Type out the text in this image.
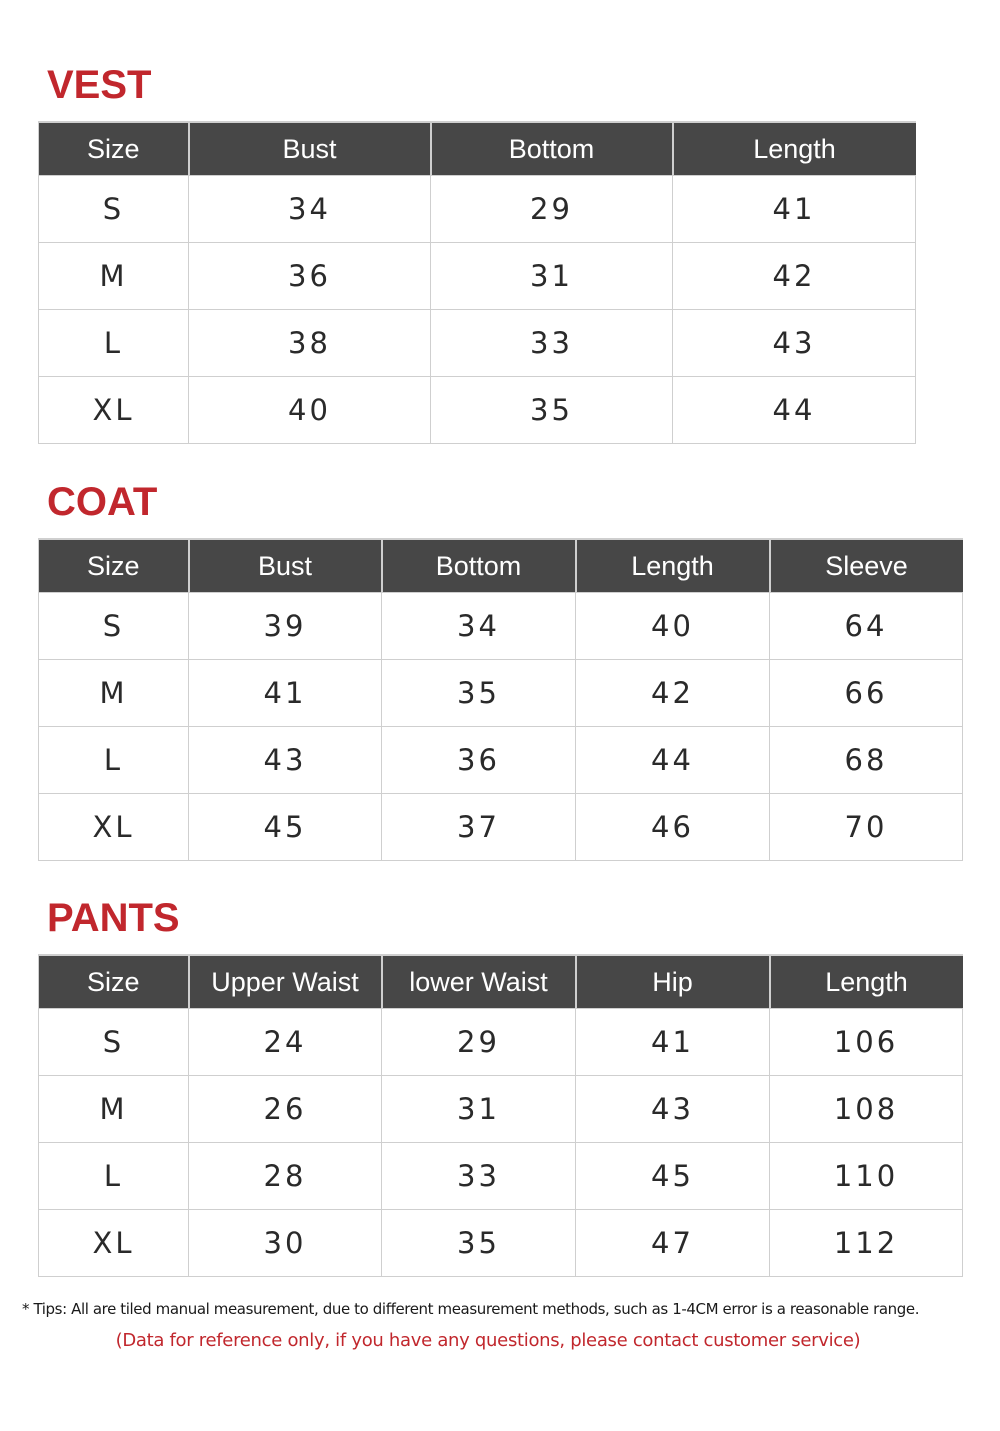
VEST
Size	Bust	Bottom	Length
S	34	29	41
M	36	31	42
L	38	33	43
XL	40	35	44
COAT
Size	Bust	Bottom	Length	Sleeve
S	39	34	40	64
M	41	35	42	66
L	43	36	44	68
XL	45	37	46	70
PANTS
Size	Upper Waist	lower Waist	Hip	Length
S	24	29	41	106
M	26	31	43	108
L	28	33	45	110
XL	30	35	47	112

* Tips: All are tiled manual measurement, due to different measurement methods, such as 1-4CM error is a reasonable range.

(Data for reference only, if you have any questions, please contact customer service)
